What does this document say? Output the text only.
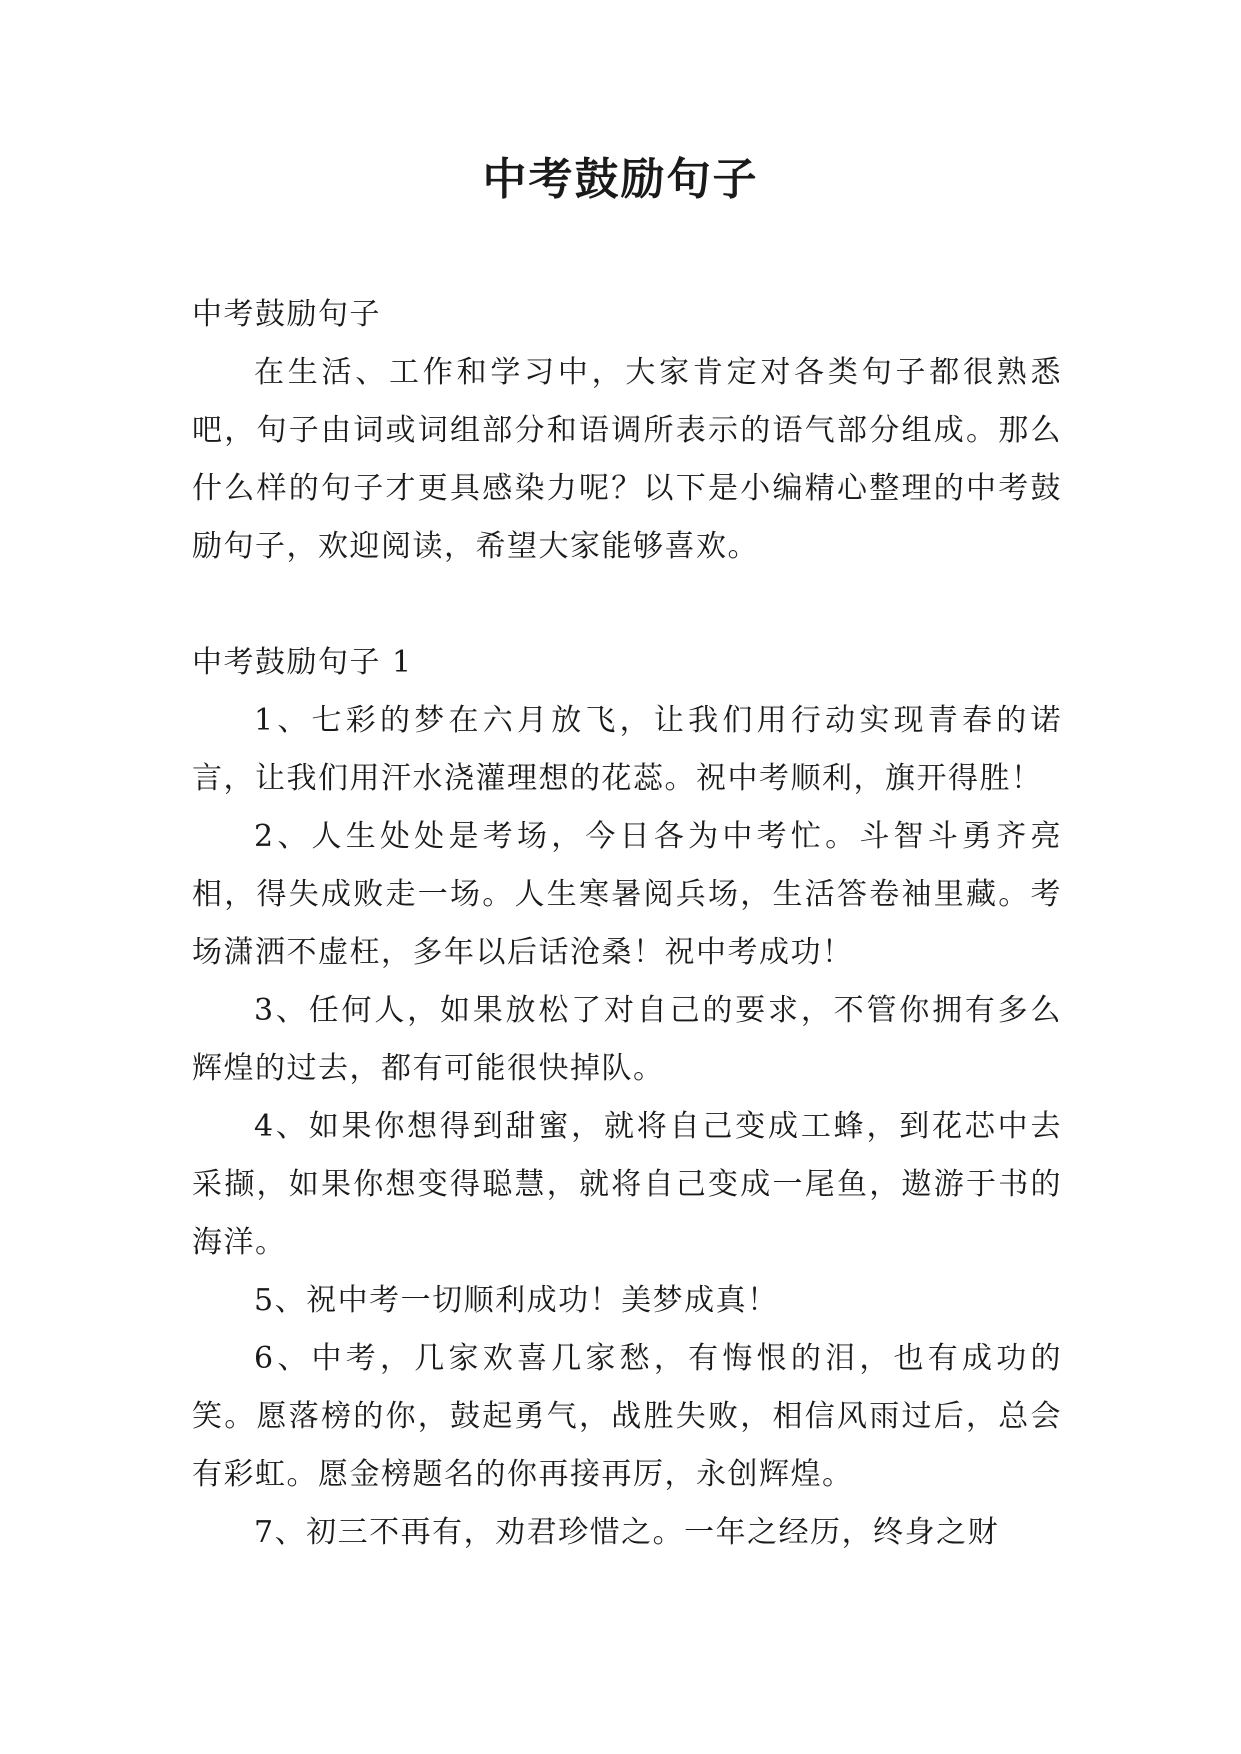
中考鼓励句子

中考鼓励句子

在生活、工作和学习中，大家肯定对各类句子都很熟悉吧，句子由词或词组部分和语调所表示的语气部分组成。那么什么样的句子才更具感染力呢？以下是小编精心整理的中考鼓励句子，欢迎阅读，希望大家能够喜欢。

中考鼓励句子 1

1、七彩的梦在六月放飞，让我们用行动实现青春的诺言，让我们用汗水浇灌理想的花蕊。祝中考顺利，旗开得胜！

2、人生处处是考场，今日各为中考忙。斗智斗勇齐亮相，得失成败走一场。人生寒暑阅兵场，生活答卷袖里藏。考场潇洒不虚枉，多年以后话沧桑！祝中考成功！

3、任何人，如果放松了对自己的要求，不管你拥有多么辉煌的过去，都有可能很快掉队。

4、如果你想得到甜蜜，就将自己变成工蜂，到花芯中去采撷，如果你想变得聪慧，就将自己变成一尾鱼，遨游于书的海洋。

5、祝中考一切顺利成功！美梦成真！

6、中考，几家欢喜几家愁，有悔恨的泪，也有成功的笑。愿落榜的你，鼓起勇气，战胜失败，相信风雨过后，总会有彩虹。愿金榜题名的你再接再厉，永创辉煌。

7、初三不再有，劝君珍惜之。一年之经历，终身之财
